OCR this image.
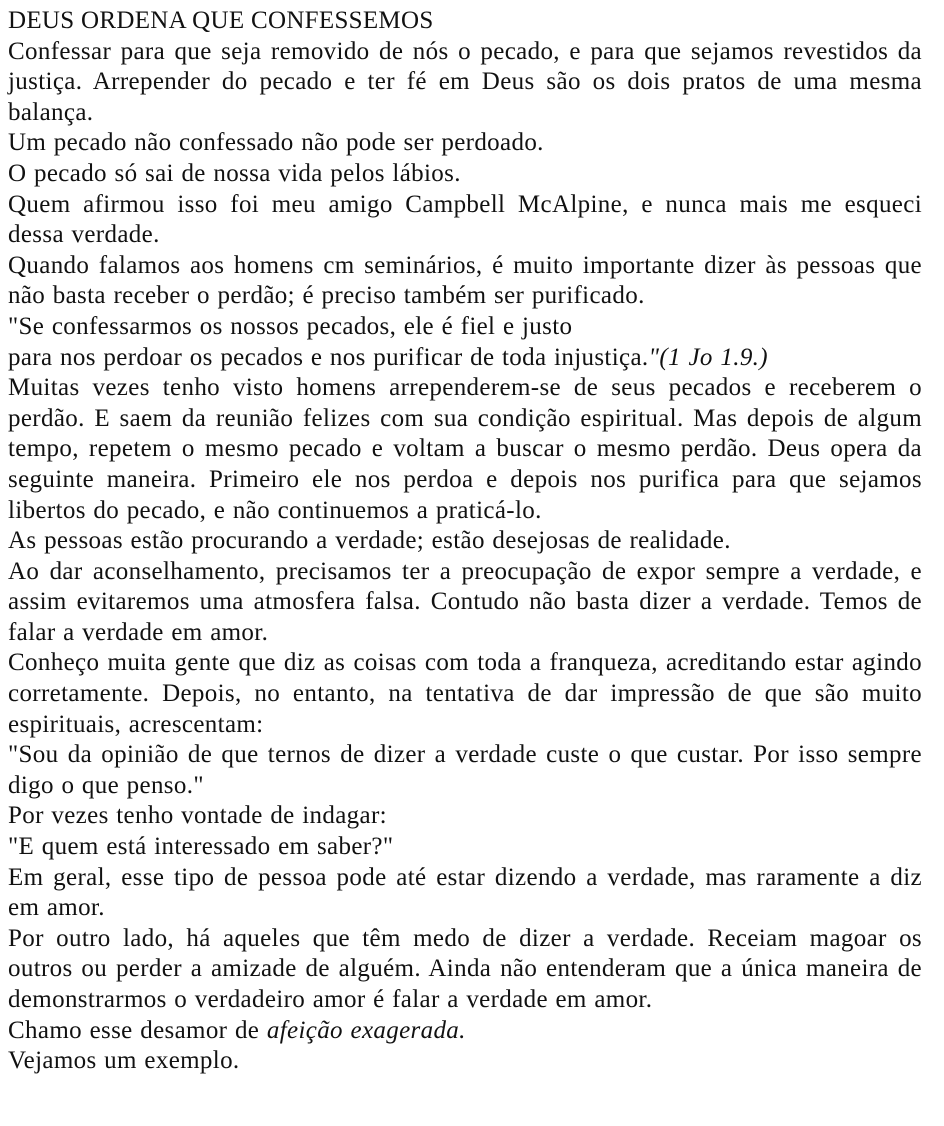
DEUS ORDENA QUE CONFESSEMOS

Confessar para que seja removido de nós o pecado, e para que sejamos revestidos da justiça. Arrepender do pecado e ter fé em Deus são os dois pratos de uma mesma balança.

Um pecado não confessado não pode ser perdoado.

O pecado só sai de nossa vida pelos lábios.

Quem afirmou isso foi meu amigo Campbell McAlpine, e nunca mais me esqueci dessa verdade.

Quando falamos aos homens cm seminários, é muito importante dizer às pessoas que não basta receber o perdão; é preciso também ser purificado.

"Se confessarmos os nossos pecados, ele é fiel e justo
para nos perdoar os pecados e nos purificar de toda injustiça."(1 Jo 1.9.)

Muitas vezes tenho visto homens arrependerem-se de seus pecados e receberem o perdão. E saem da reunião felizes com sua condição espiritual. Mas depois de algum tempo, repetem o mesmo pecado e voltam a buscar o mesmo perdão. Deus opera da seguinte maneira. Primeiro ele nos perdoa e depois nos purifica para que sejamos libertos do pecado, e não continuemos a praticá-lo.

As pessoas estão procurando a verdade; estão desejosas de realidade.

Ao dar aconselhamento, precisamos ter a preocupação de expor sempre a verdade, e assim evitaremos uma atmosfera falsa. Contudo não basta dizer a verdade. Temos de falar a verdade em amor.

Conheço muita gente que diz as coisas com toda a franqueza, acreditando estar agindo corretamente. Depois, no entanto, na tentativa de dar impressão de que são muito espirituais, acrescentam:

"Sou da opinião de que ternos de dizer a verdade custe o que custar. Por isso sempre digo o que penso."

Por vezes tenho vontade de indagar:

"E quem está interessado em saber?"

Em geral, esse tipo de pessoa pode até estar dizendo a verdade, mas raramente a diz em amor.

Por outro lado, há aqueles que têm medo de dizer a verdade. Receiam magoar os outros ou perder a amizade de alguém. Ainda não entenderam que a única maneira de demonstrarmos o verdadeiro amor é falar a verdade em amor.

Chamo esse desamor de afeição exagerada.

Vejamos um exemplo.
